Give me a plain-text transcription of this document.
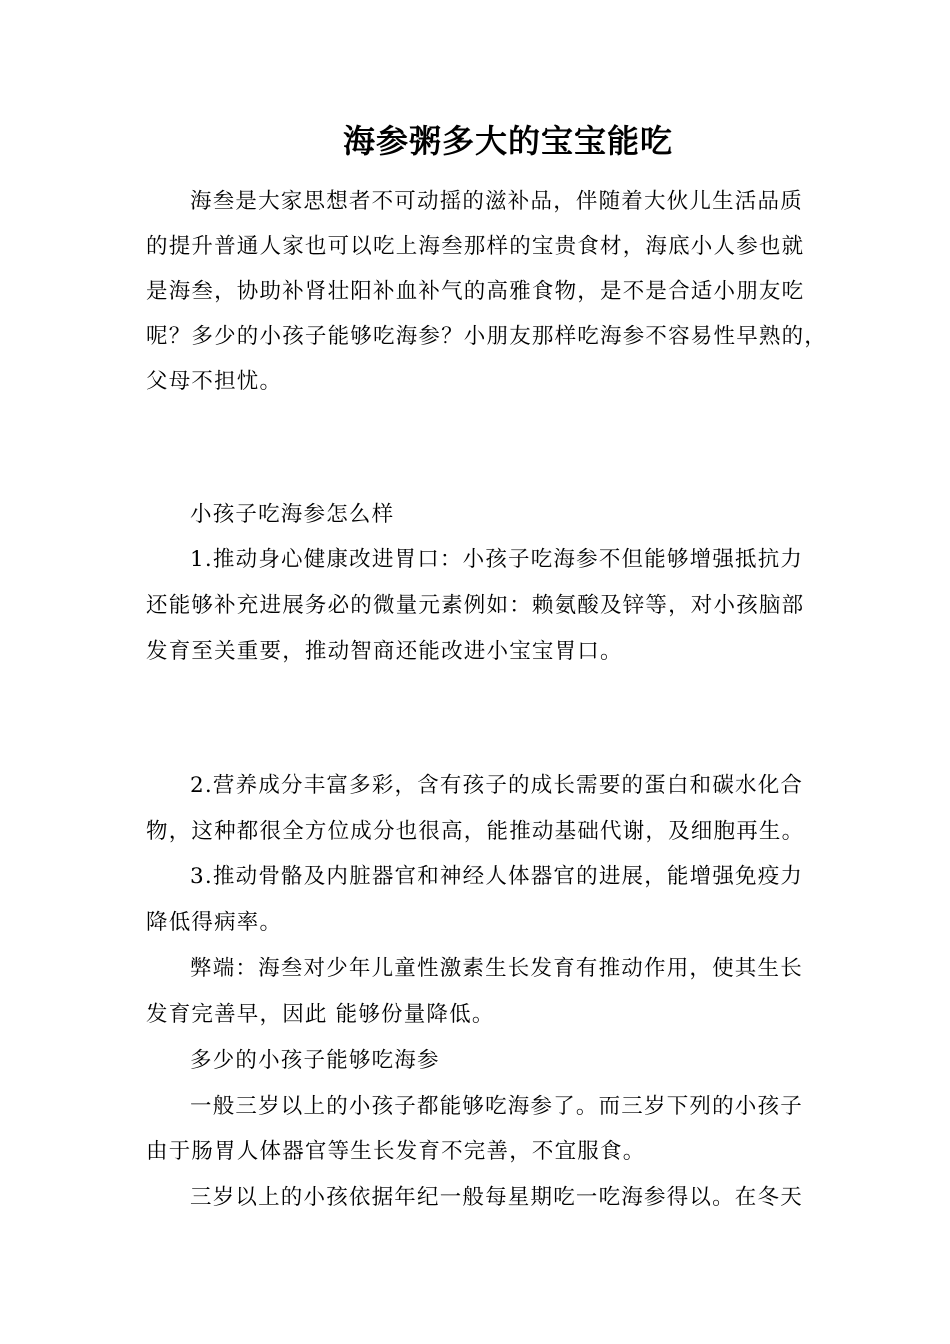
海参粥多大的宝宝能吃
海叁是大家思想者不可动摇的滋补品，伴随着大伙儿生活品质
的提升普通人家也可以吃上海叁那样的宝贵食材，海底小人参也就
是海叁，协助补肾壮阳补血补气的高雅食物，是不是合适小朋友吃
呢？多少的小孩子能够吃海参？小朋友那样吃海参不容易性早熟的，
父母不担忧。
小孩子吃海参怎么样
1.推动身心健康改进胃口：小孩子吃海参不但能够增强抵抗力
还能够补充进展务必的微量元素例如：赖氨酸及锌等，对小孩脑部
发育至关重要，推动智商还能改进小宝宝胃口。
2.营养成分丰富多彩，含有孩子的成长需要的蛋白和碳水化合
物，这种都很全方位成分也很高，能推动基础代谢，及细胞再生。
3.推动骨骼及内脏器官和神经人体器官的进展，能增强免疫力
降低得病率。
弊端：海叁对少年儿童性激素生长发育有推动作用，使其生长
发育完善早，因此 能够份量降低。
多少的小孩子能够吃海参
一般三岁以上的小孩子都能够吃海参了。而三岁下列的小孩子
由于肠胃人体器官等生长发育不完善，不宜服食。
三岁以上的小孩依据年纪一般每星期吃一吃海参得以。在冬天
